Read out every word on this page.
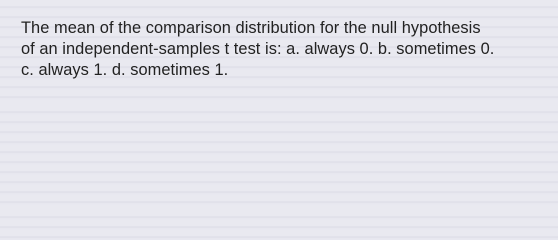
The mean of the comparison distribution for the null hypothesis
of an independent-samples t test is: a. always 0. b. sometimes 0.
c. always 1. d. sometimes 1.
